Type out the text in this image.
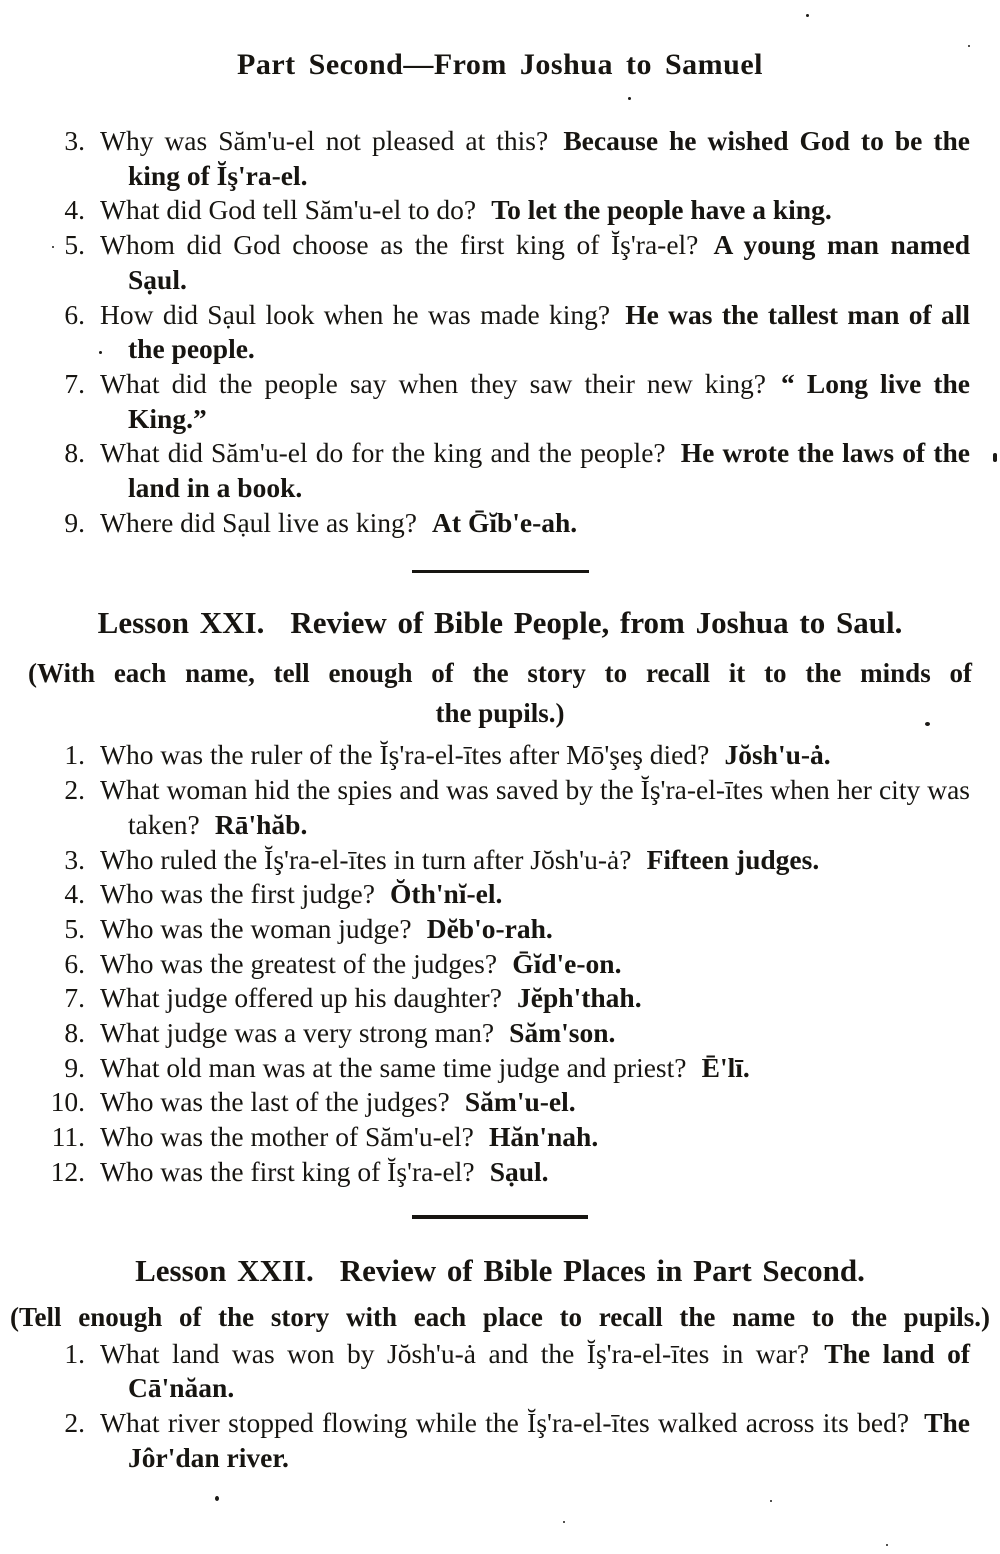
Part Second—From Joshua to Samuel
3. Why was Săm'u-el not pleased at this? Because he wished God to be the king of Ĭş'ra-el.
4. What did God tell Săm'u-el to do? To let the people have a king.
5. Whom did God choose as the first king of Ĭş'ra-el? A young man named Sạul.
6. How did Sạul look when he was made king? He was the tallest man of all the people.
7. What did the people say when they saw their new king? “ Long live the King.”
8. What did Săm'u-el do for the king and the people? He wrote the laws of the land in a book.
9. Where did Sạul live as king? At Ḡĭb'e-ah.
Lesson XXI. Review of Bible People, from Joshua to Saul.
(With each name, tell enough of the story to recall it to the minds of
the pupils.)
1. Who was the ruler of the Ĭş'ra-el-ītes after Mō'şeş died? Jŏsh'u-ȧ.
2. What woman hid the spies and was saved by the Ĭş'ra-el-ītes when her city was taken? Rā'hăb.
3. Who ruled the Ĭş'ra-el-ītes in turn after Jŏsh'u-ȧ? Fifteen judges.
4. Who was the first judge? Ŏth'nĭ-el.
5. Who was the woman judge? Dĕb'o-rah.
6. Who was the greatest of the judges? Ḡĭd'e-on.
7. What judge offered up his daughter? Jĕph'thah.
8. What judge was a very strong man? Săm'son.
9. What old man was at the same time judge and priest? Ē'lī.
10. Who was the last of the judges? Săm'u-el.
11. Who was the mother of Săm'u-el? Hăn'nah.
12. Who was the first king of Ĭş'ra-el? Sạul.
Lesson XXII. Review of Bible Places in Part Second.
(Tell enough of the story with each place to recall the name to the pupils.)
1. What land was won by Jŏsh'u-ȧ and the Ĭş'ra-el-ītes in war? The land of Cā'năan.
2. What river stopped flowing while the Ĭş'ra-el-ītes walked across its bed? The Jôr'dan river.
